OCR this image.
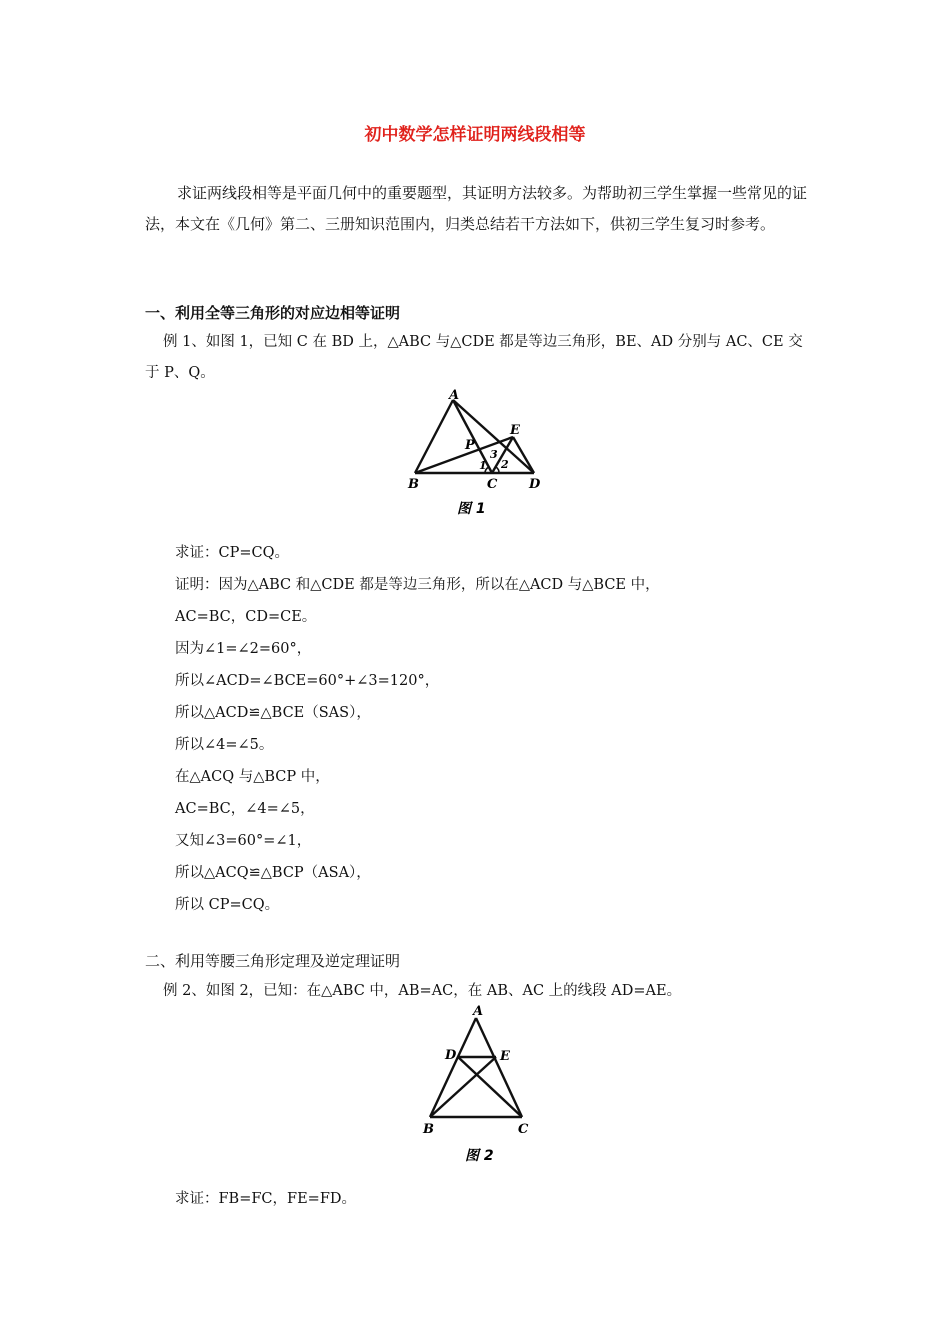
初中数学怎样证明两线段相等
求证两线段相等是平面几何中的重要题型，其证明方法较多。为帮助初三学生掌握一些常见的证法，本文在《几何》第二、三册知识范围内，归类总结若干方法如下，供初三学生复习时参考。
一、利用全等三角形的对应边相等证明
例 1、如图 1，已知 C 在 BD 上，△ABC 与△CDE 都是等边三角形，BE、AD 分别与 AC、CE 交于 P、Q。
A
B	C D
E
P
1 2
3
图 1
求证：CP=CQ。
证明：因为△ABC 和△CDE 都是等边三角形，所以在△ACD 与△BCE 中，
AC=BC，CD=CE。
因为∠1=∠2=60°，
所以∠ACD=∠BCE=60°+∠3=120°，
所以△ACD≌△BCE（SAS），
所以∠4=∠5。
在△ACQ 与△BCP 中，
AC=BC，∠4=∠5，
又知∠3=60°=∠1，
所以△ACQ≌△BCP（ASA），
所以 CP=CQ。
二、利用等腰三角形定理及逆定理证明
例 2、如图 2，已知：在△ABC 中，AB=AC，在 AB、AC 上的线段 AD=AE。
A
B	C
D	E
图 2
求证：FB=FC，FE=FD。
